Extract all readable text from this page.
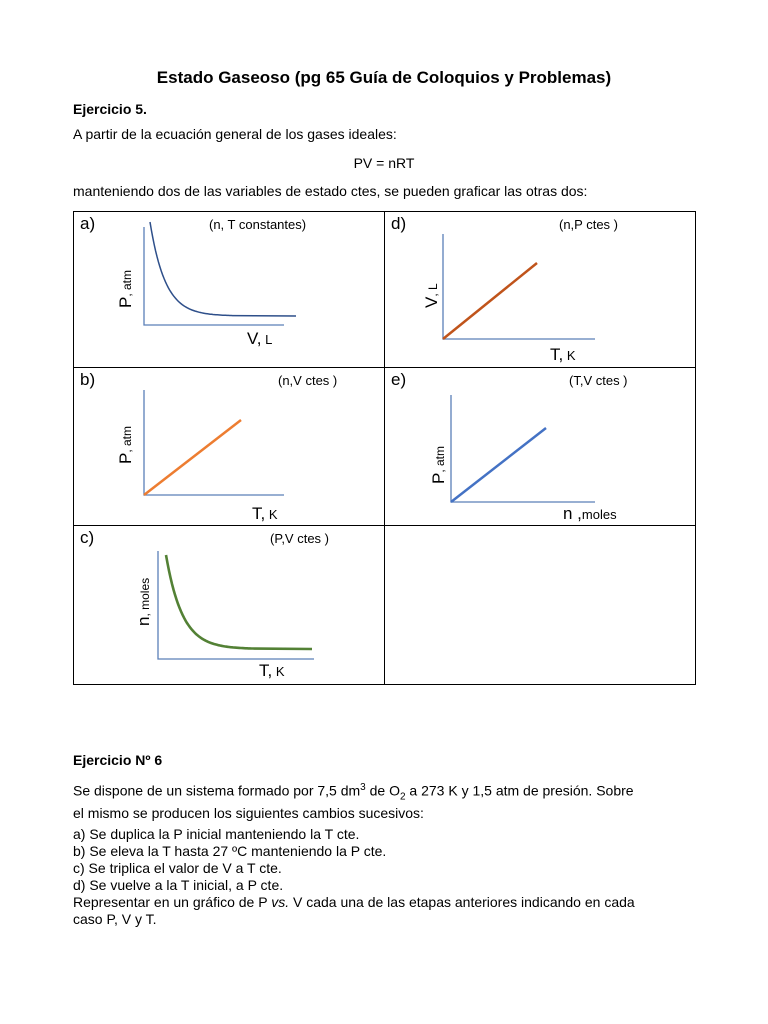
Estado Gaseoso (pg 65 Guía de Coloquios y Problemas)
Ejercicio 5.
A partir de la ecuación general de los gases ideales:
PV = nRT
manteniendo dos de las variables de estado ctes, se pueden graficar las otras dos:
a) (n, T constantes)
P, atm
V, L	d) (n,P ctes )
V, L
T, K

b) (n,V ctes )
P, atm
T, K	e) (T,V ctes )
P, atm
n ,moles

c) (P,V ctes )
n, moles
T, K	

Ejercicio Nº 6
Se dispone de un sistema formado por 7,5 $dm^3$ de $O_2$ a 273 K y 1,5 atm de presión. Sobre
el mismo se producen los siguientes cambios sucesivos:
a) Se duplica la P inicial manteniendo la T cte.
b) Se eleva la T hasta 27 ºC manteniendo la P cte.
c) Se triplica el valor de V a T cte.
d) Se vuelve a la T inicial, a P cte.
Representar en un gráfico de P vs. V cada una de las etapas anteriores indicando en cada
caso P, V y T.
